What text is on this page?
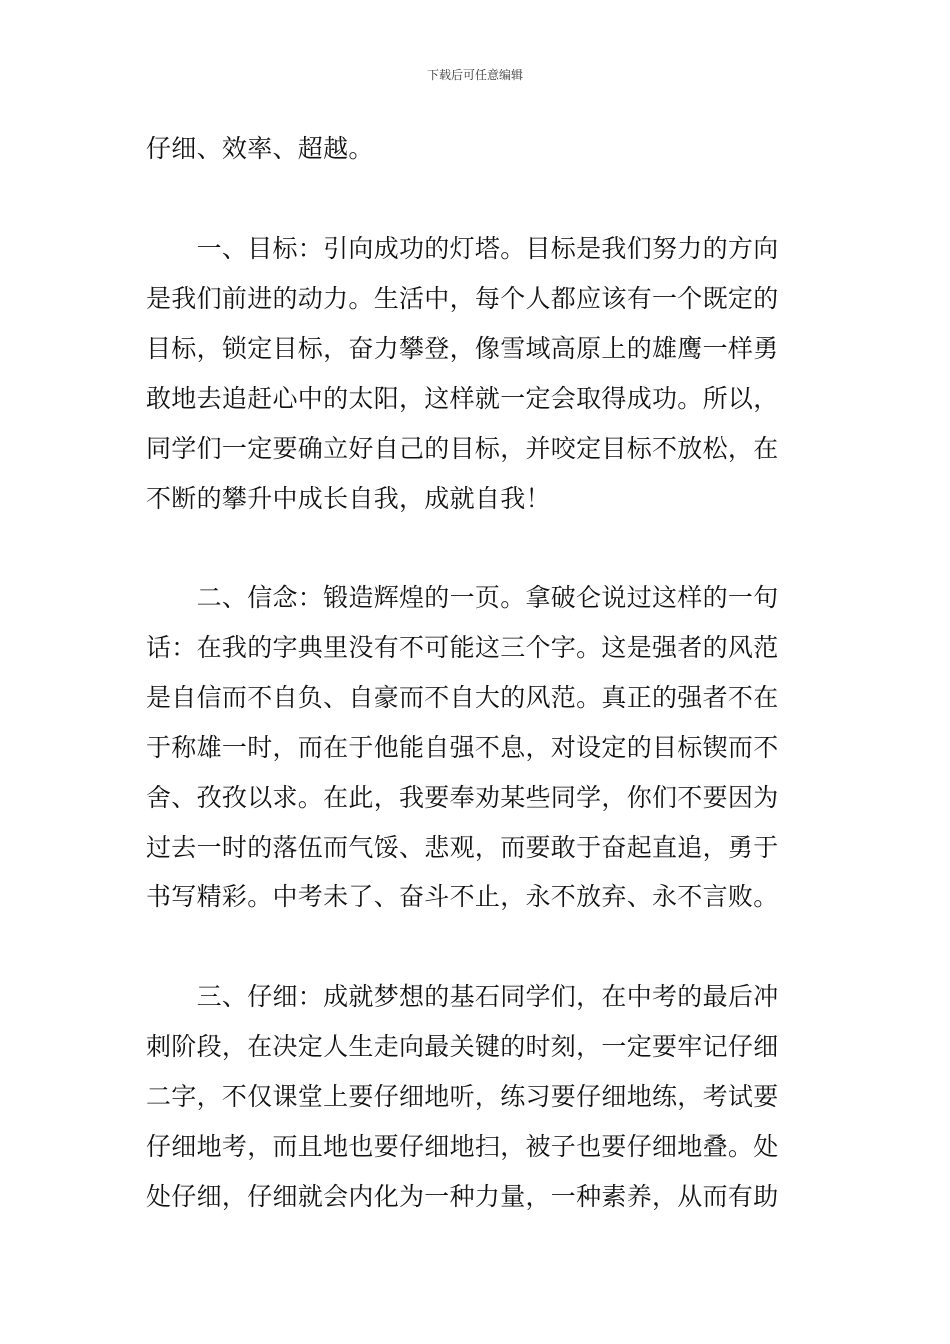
下载后可任意编辑
仔细、效率、超越。
　　一、目标：引向成功的灯塔。目标是我们努力的方向
是我们前进的动力。生活中，每个人都应该有一个既定的
目标，锁定目标，奋力攀登，像雪域高原上的雄鹰一样勇
敢地去追赶心中的太阳，这样就一定会取得成功。所以，
同学们一定要确立好自己的目标，并咬定目标不放松，在
不断的攀升中成长自我，成就自我！
　　二、信念：锻造辉煌的一页。拿破仑说过这样的一句
话：在我的字典里没有不可能这三个字。这是强者的风范
是自信而不自负、自豪而不自大的风范。真正的强者不在
于称雄一时，而在于他能自强不息，对设定的目标锲而不
舍、孜孜以求。在此，我要奉劝某些同学，你们不要因为
过去一时的落伍而气馁、悲观，而要敢于奋起直追，勇于
书写精彩。中考未了、奋斗不止，永不放弃、永不言败。
　　三、仔细：成就梦想的基石同学们，在中考的最后冲
刺阶段，在决定人生走向最关键的时刻，一定要牢记仔细
二字，不仅课堂上要仔细地听，练习要仔细地练，考试要
仔细地考，而且地也要仔细地扫，被子也要仔细地叠。处
处仔细，仔细就会内化为一种力量，一种素养，从而有助
